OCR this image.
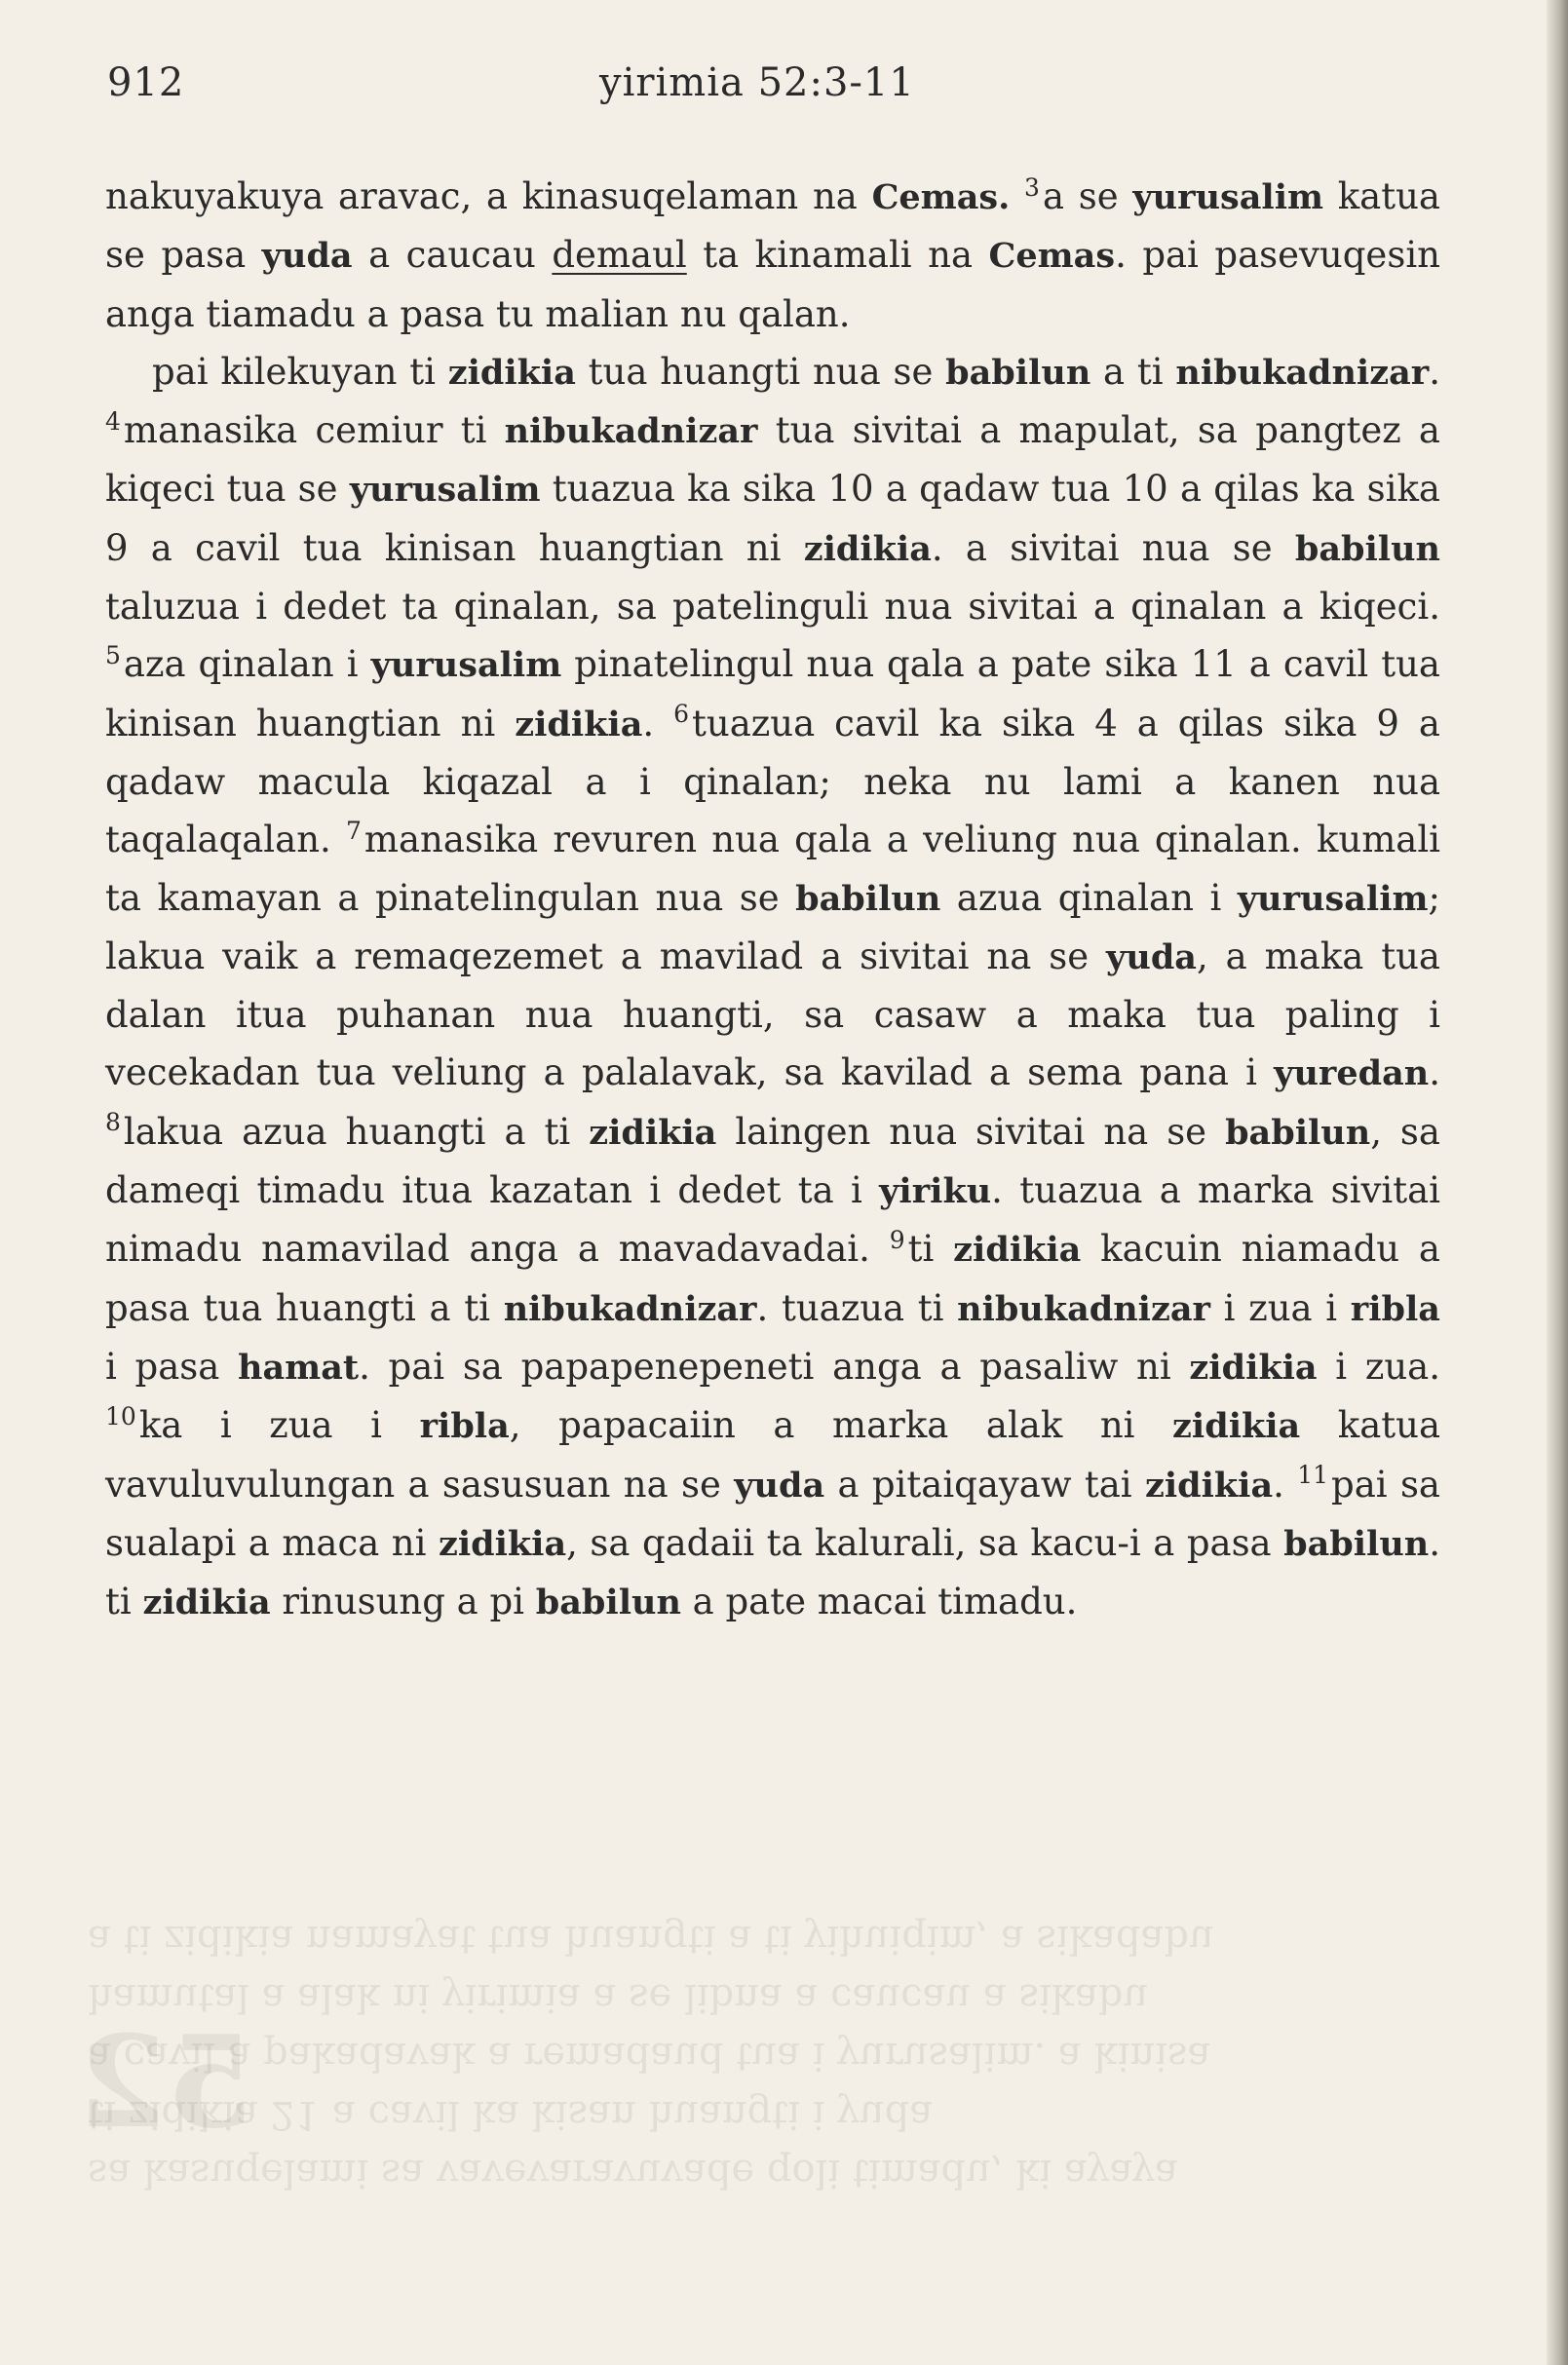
52
sa kasuqelami sa vavevaravuvade qoli timadu, ki ayaya
ti zidikia 21 a cavil ka kisan huangti i yuda
a cavil a pakadavak a remadaud tua i yurusalim. a kinisa
hamutal a alak ni yirimia a se libna a caucau a sikabu
a ti zidikia namayat tua huangti a ti yihuiqim, a sikadabu
912	yirimia 52:3-11

nakuyakuya aravac, a kinasuqelaman na Cemas. $^3$a se yurusalim katua se pasa yuda a caucau demaul ta kinamali na Cemas. pai pasevuqesin anga tiamadu a pasa tu malian nu qalan.

pai kilekuyan ti zidikia tua huangti nua se babilun a ti nibukadnizar. $^4$manasika cemiur ti nibukadnizar tua sivitai a mapulat, sa pangtez a kiqeci tua se yurusalim tuazua ka sika 10 a qadaw tua 10 a qilas ka sika 9 a cavil tua kinisan huangtian ni zidikia. a sivitai nua se babilun taluzua i dedet ta qinalan, sa patelinguli nua sivitai a qinalan a kiqeci. $^5$aza qinalan i yurusalim pinatelingul nua qala a pate sika 11 a cavil tua kinisan huangtian ni zidikia. $^6$tuazua cavil ka sika 4 a qilas sika 9 a qadaw macula kiqazal a i qinalan; neka nu lami a kanen nua taqalaqalan. $^7$manasika revuren nua qala a veliung nua qinalan. kumali ta kamayan a pinatelingulan nua se babilun azua qinalan i yurusalim; lakua vaik a remaqezemet a mavilad a sivitai na se yuda, a maka tua dalan itua puhanan nua huangti, sa casaw a maka tua paling i vecekadan tua veliung a palalavak, sa kavilad a sema pana i yuredan. $^8$lakua azua huangti a ti zidikia laingen nua sivitai na se babilun, sa dameqi timadu itua kazatan i dedet ta i yiriku. tuazua a marka sivitai nimadu namavilad anga a mavadavadai. $^9$ti zidikia kacuin niamadu a pasa tua huangti a ti nibukadnizar. tuazua ti nibukadnizar i zua i ribla i pasa hamat. pai sa papapenepeneti anga a pasaliw ni zidikia i zua. $^{10}$ka i zua i ribla, papacaiin a marka alak ni zidikia katua vavuluvulungan a sasusuan na se yuda a pitaiqayaw tai zidikia. $^{11}$pai sa sualapi a maca ni zidikia, sa qadaii ta kalurali, sa kacu-i a pasa babilun. ti zidikia rinusung a pi babilun a pate macai timadu.
